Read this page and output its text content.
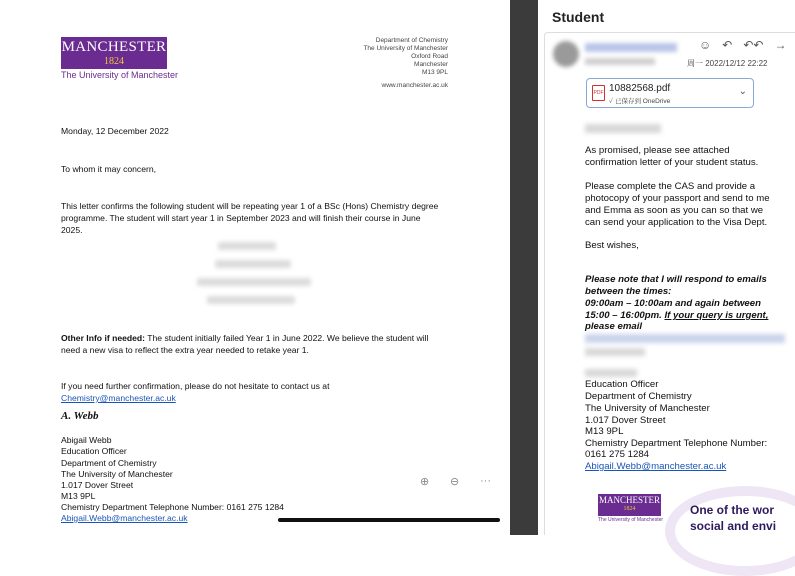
MANCHESTER
1824
The University of Manchester
Department of Chemistry
The University of Manchester
Oxford Road
Manchester
M13 9PL
www.manchester.ac.uk
Monday, 12 December 2022
To whom it may concern,
This letter confirms the following student will be repeating year 1 of a BSc (Hons) Chemistry degree
programme. The student will start year 1 in September 2023 and will finish their course in June
2025.
Other Info if needed: The student initially failed Year 1 in June 2022. We believe the student will
need a new visa to reflect the extra year needed to retake year 1.
If you need further confirmation, please do not hesitate to contact us at
Chemistry@manchester.ac.uk
A. Webb
Abigail Webb
Education Officer
Department of Chemistry
The University of Manchester
1.017 Dover Street
M13 9PL
Chemistry Department Telephone Number: 0161 275 1284
Abigail.Webb@manchester.ac.uk
⊕ ⊖ ···
Student
☺ ↶ ↶↶ →
周一 2022/12/12 22:22
PDF 10882568.pdf
✓ 已保存到 OneDrive
⌄
As promised, please see attached
confirmation letter of your student status.
Please complete the CAS and provide a
photocopy of your passport and send to me
and Emma as soon as you can so that we
can send your application to the Visa Dept.
Best wishes,
Please note that I will respond to emails
between the times:
09:00am – 10:00am and again between
15:00 – 16:00pm. If your query is urgent,
please email
Education Officer
Department of Chemistry
The University of Manchester
1.017 Dover Street
M13 9PL
Chemistry Department Telephone Number:
0161 275 1284
Abigail.Webb@manchester.ac.uk
MANCHESTER
1824
The University of Manchester
One of the wor
social and envi
